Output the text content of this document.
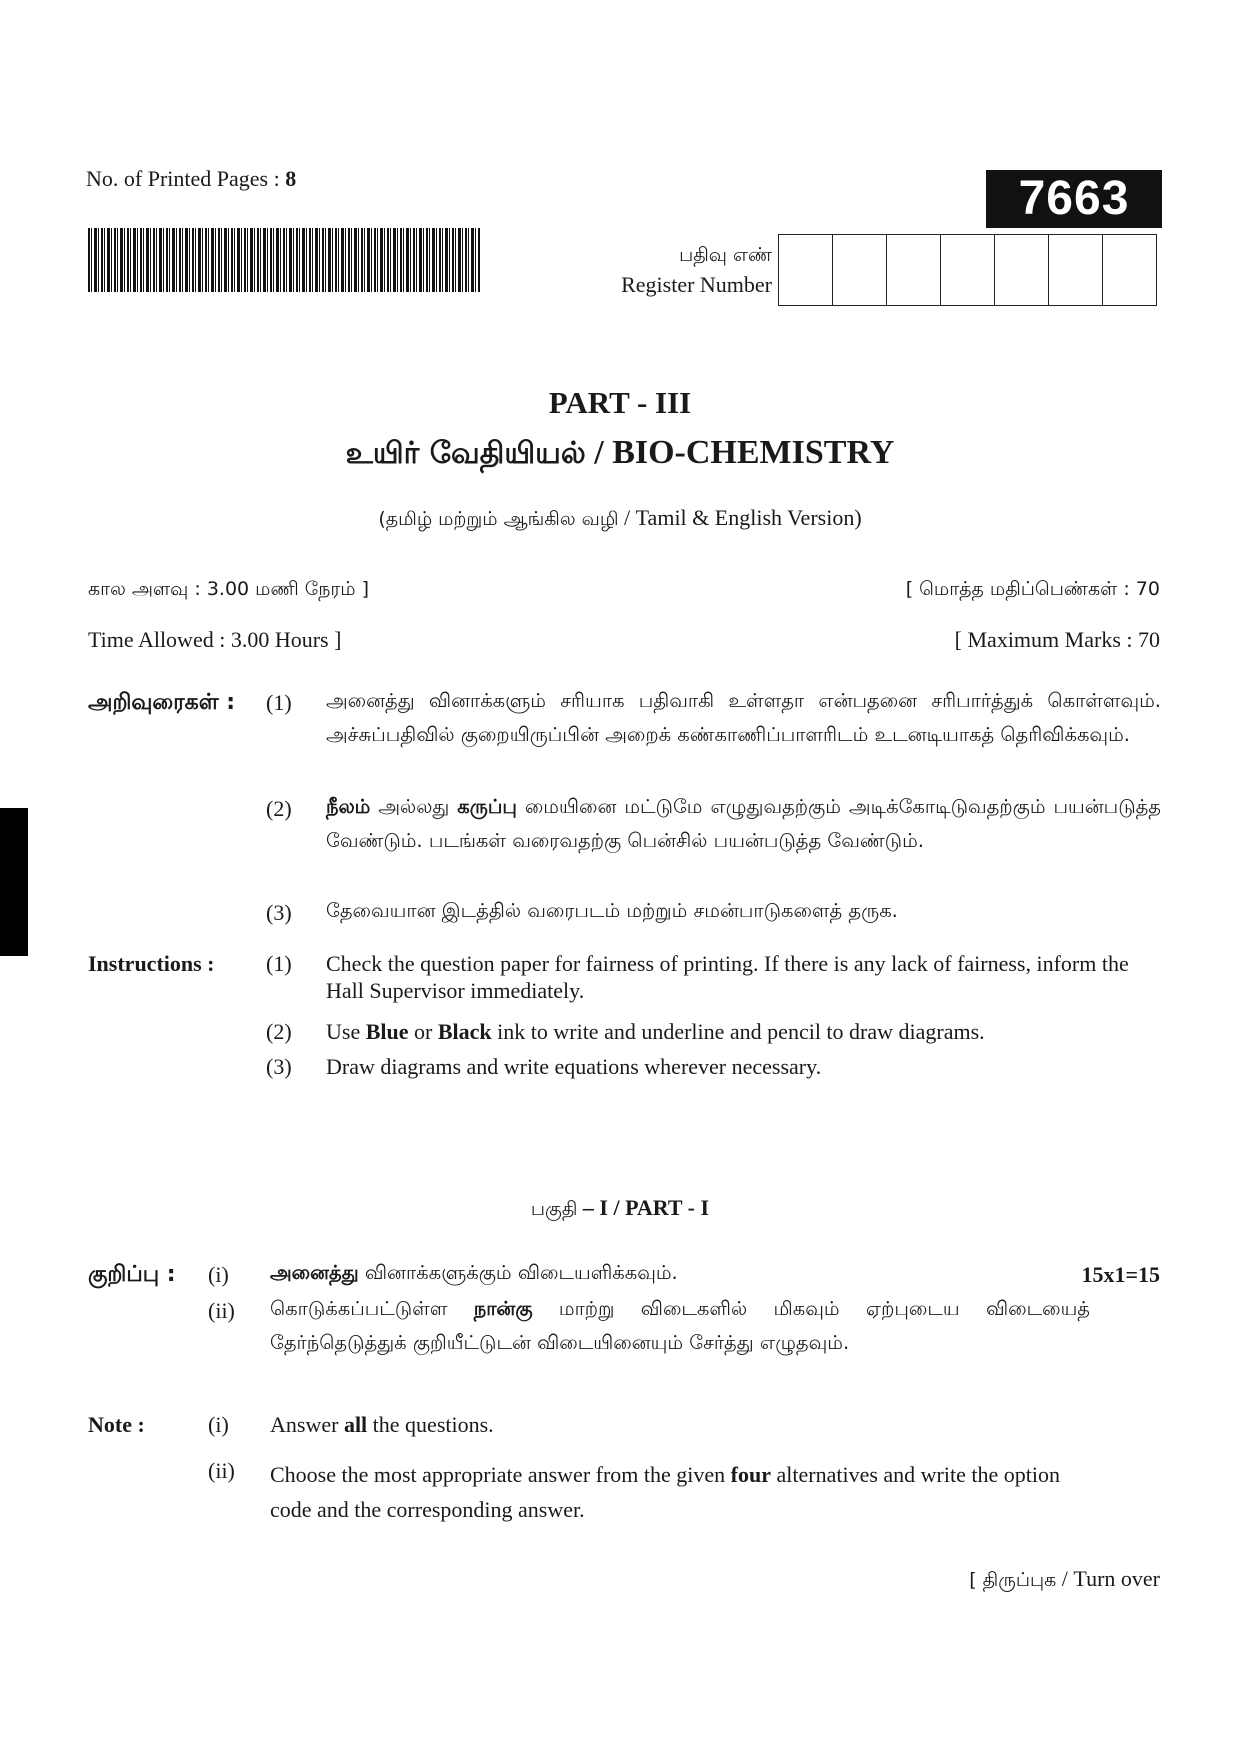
No. of Printed Pages : 8	7663
பதிவு எண்
Register Number
PART - III
உயிர் வேதியியல் / BIO-CHEMISTRY
(தமிழ் மற்றும் ஆங்கில வழி / Tamil & English Version)
கால அளவு : 3.00 மணி நேரம் ]	[ மொத்த மதிப்பெண்கள் : 70
Time Allowed : 3.00 Hours ]	[ Maximum Marks : 70
அறிவுரைகள் : (1)	அனைத்து வினாக்களும் சரியாக பதிவாகி உள்ளதா என்பதனை சரிபார்த்துக் கொள்ளவும். அச்சுப்பதிவில் குறையிருப்பின் அறைக் கண்காணிப்பாளரிடம் உடனடியாகத் தெரிவிக்கவும்.
(2)	நீலம் அல்லது கருப்பு மையினை மட்டுமே எழுதுவதற்கும் அடிக்கோடிடுவதற்கும் பயன்படுத்த வேண்டும். படங்கள் வரைவதற்கு பென்சில் பயன்படுத்த வேண்டும்.
(3)	தேவையான இடத்தில் வரைபடம் மற்றும் சமன்பாடுகளைத் தருக.
Instructions : (1)	Check the question paper for fairness of printing. If there is any lack of fairness, inform the Hall Supervisor immediately.
(2)	Use Blue or Black ink to write and underline and pencil to draw diagrams.
(3)	Draw diagrams and write equations wherever necessary.
பகுதி – I / PART - I
குறிப்பு : (i) அனைத்து வினாக்களுக்கும் விடையளிக்கவும்.	15x1=15
(ii) கொடுக்கப்பட்டுள்ள நான்கு மாற்று விடைகளில் மிகவும் ஏற்புடைய விடையைத் தேர்ந்தெடுத்துக் குறியீட்டுடன் விடையினையும் சேர்த்து எழுதவும்.
Note :	(i) Answer all the questions.
(ii) Choose the most appropriate answer from the given four alternatives and write the option code and the corresponding answer.
[ திருப்புக / Turn over
